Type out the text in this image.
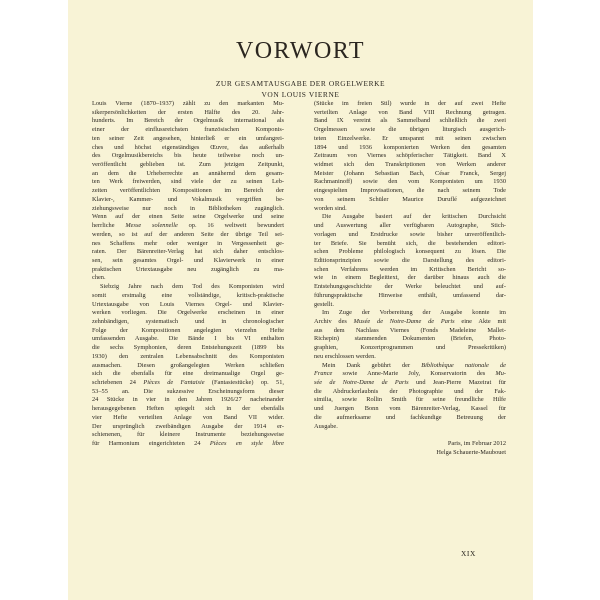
VORWORT
ZUR GESAMTAUSGABE DER ORGELWERKE
VON LOUIS VIERNE
Louis Vierne (1870–1937) zählt zu den markanten Mu-
sikerpersönlichkeiten der ersten Hälfte des 20. Jahr-
hunderts. Im Bereich der Orgelmusik international als
einer der einflussreichsten französischen Komponis-
ten seiner Zeit angesehen, hinterließ er ein umfangrei-
ches und höchst eigenständiges Œuvre, das außerhalb
des Orgelmusikbereichs bis heute teilweise noch un-
veröffentlicht geblieben ist. Zum jetzigen Zeitpunkt,
an dem die Urheberrechte an annähernd dem gesam-
ten Werk freiwerden, sind viele der zu seinen Leb-
zeiten veröffentlichten Kompositionen im Bereich der
Klavier-, Kammer- und Vokalmusik vergriffen be-
ziehungsweise nur noch in Bibliotheken zugänglich.
Wenn auf der einen Seite seine Orgelwerke und seine
herrliche Messe solennelle op. 16 weltweit bewundert
werden, so ist auf der anderen Seite der übrige Teil sei-
nes Schaffens mehr oder weniger in Vergessenheit ge-
raten. Der Bärenreiter-Verlag hat sich daher entschlos-
sen, sein gesamtes Orgel- und Klavierwerk in einer
praktischen Urtextausgabe neu zugänglich zu ma-
chen.
Siebzig Jahre nach dem Tod des Komponisten wird
somit erstmalig eine vollständige, kritisch-praktische
Urtextausgabe von Louis Viernes Orgel- und Klavier-
werken vorliegen. Die Orgelwerke erscheinen in einer
zehnbändigen, systematisch und in chronologischer
Folge der Kompositionen angelegten vierzehn Hefte
umfassenden Ausgabe. Die Bände I bis VI enthalten
die sechs Symphonien, deren Entstehungszeit (1899 bis
1930) den zentralen Lebensabschnitt des Komponisten
ausmachen. Diesen großangelegten Werken schließen
sich die ebenfalls für eine dreimanualige Orgel ge-
schriebenen 24 Pièces de Fantaisie (Fantasiestücke) op. 51,
53–55 an. Die sukzessive Erscheinungsform dieser
24 Stücke in vier in den Jahren 1926/27 nacheinander
herausgegebenen Heften spiegelt sich in der ebenfalls
vier Hefte verteilten Anlage von Band VII wider.
Der ursprünglich zweibändigen Ausgabe der 1914 er-
schienenen, für kleinere Instrumente beziehungsweise
für Harmonium eingerichteten 24 Pièces en style libre
(Stücke im freien Stil) wurde in der auf zwei Hefte
verteilten Anlage von Band VIII Rechnung getragen.
Band IX vereint als Sammelband schließlich die zwei
Orgelmessen sowie die übrigen liturgisch ausgerich-
teten Einzelwerke. Er umspannt mit seinen zwischen
1894 und 1936 komponierten Werken den gesamten
Zeitraum von Viernes schöpferischer Tätigkeit. Band X
widmet sich den Transkriptionen von Werken anderer
Meister (Johann Sebastian Bach, César Franck, Sergej
Rachmaninoff) sowie den vom Komponisten um 1930
eingespielten Improvisationen, die nach seinem Tode
von seinem Schüler Maurice Duruflé aufgezeichnet
worden sind.
Die Ausgabe basiert auf der kritischen Durchsicht
und Auswertung aller verfügbaren Autographe, Stich-
vorlagen und Erstdrucke sowie bisher unveröffentlich-
ter Briefe. Sie bemüht sich, die bestehenden editori-
schen Probleme philologisch konsequent zu lösen. Die
Editionsprinzipien sowie die Darstellung des editori-
schen Verfahrens werden im Kritischen Bericht so-
wie in einem Begleittext, der darüber hinaus auch die
Entstehungsgeschichte der Werke beleuchtet und auf-
führungspraktische Hinweise enthält, umfassend dar-
gestellt.
Im Zuge der Vorbereitung der Ausgabe konnte im
Archiv des Musée de Notre-Dame de Paris eine Akte mit
aus dem Nachlass Viernes (Fonds Madeleine Mallet-
Richepin) stammenden Dokumenten (Briefen, Photo-
graphien, Konzertprogrammen und Pressekritiken)
neu erschlossen werden.
Mein Dank gebührt der Bibliothèque nationale de
France sowie Anne-Marie Joly, Konservatorin des Mu-
sée de Notre-Dame de Paris und Jean-Pierre Mazeirat für
die Abdruckerlaubnis der Photographie und der Fak-
similia, sowie Rollin Smith für seine freundliche Hilfe
und Juergen Bonn vom Bärenreiter-Verlag, Kassel für
die aufmerksame und fachkundige Betreuung der
Ausgabe.
Paris, im Februar 2012
Helga Schauerte-Maubouet
XIX
